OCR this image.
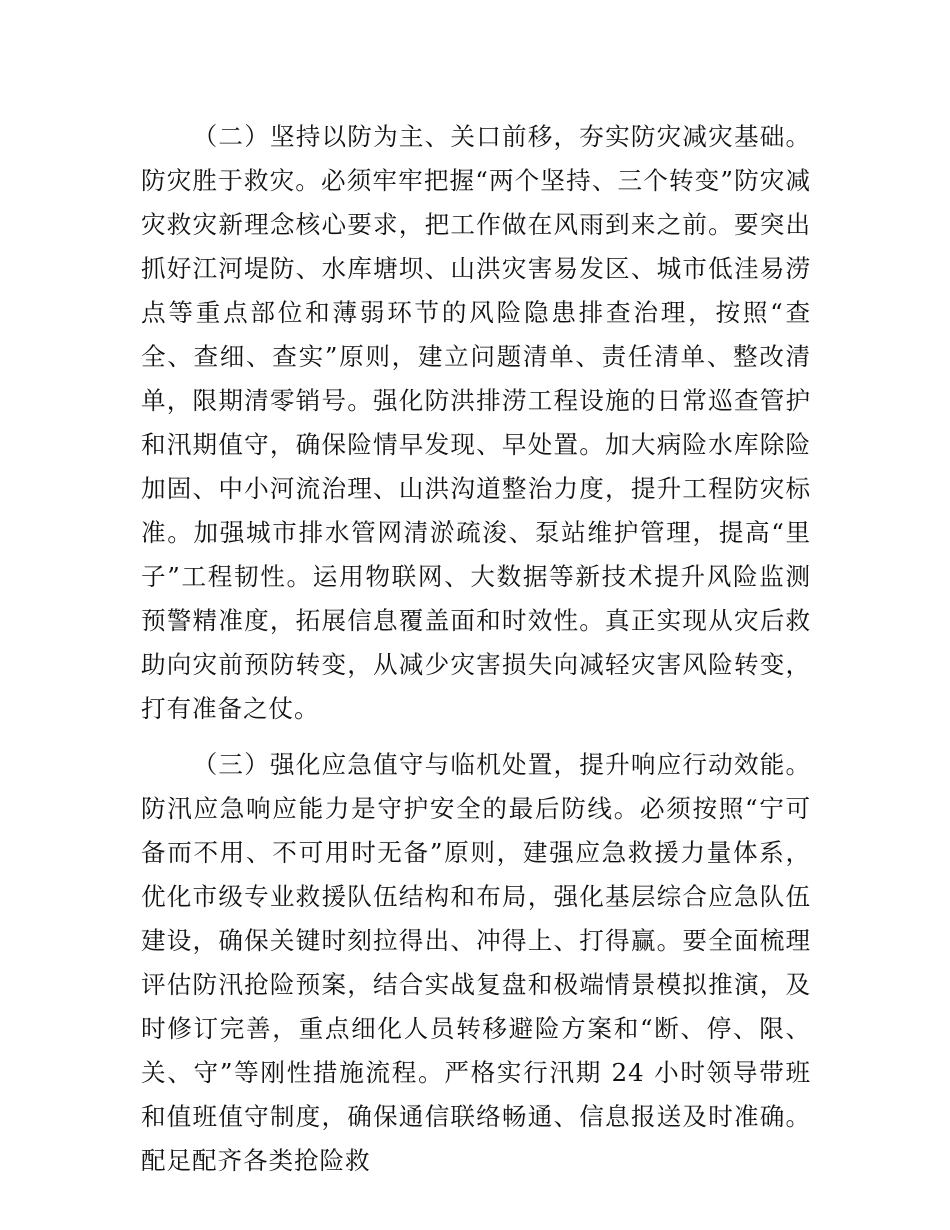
（二）坚持以防为主、关口前移，夯实防灾减灾基础。防灾胜于救灾。必须牢牢把握“两个坚持、三个转变”防灾减灾救灾新理念核心要求，把工作做在风雨到来之前。要突出抓好江河堤防、水库塘坝、山洪灾害易发区、城市低洼易涝点等重点部位和薄弱环节的风险隐患排查治理，按照“查全、查细、查实”原则，建立问题清单、责任清单、整改清单，限期清零销号。强化防洪排涝工程设施的日常巡查管护和汛期值守，确保险情早发现、早处置。加大病险水库除险加固、中小河流治理、山洪沟道整治力度，提升工程防灾标准。加强城市排水管网清淤疏浚、泵站维护管理，提高“里子”工程韧性。运用物联网、大数据等新技术提升风险监测预警精准度，拓展信息覆盖面和时效性。真正实现从灾后救助向灾前预防转变，从减少灾害损失向减轻灾害风险转变，打有准备之仗。

（三）强化应急值守与临机处置，提升响应行动效能。防汛应急响应能力是守护安全的最后防线。必须按照“宁可备而不用、不可用时无备”原则，建强应急救援力量体系，优化市级专业救援队伍结构和布局，强化基层综合应急队伍建设，确保关键时刻拉得出、冲得上、打得赢。要全面梳理评估防汛抢险预案，结合实战复盘和极端情景模拟推演，及时修订完善，重点细化人员转移避险方案和“断、停、限、关、守”等刚性措施流程。严格实行汛期 24 小时领导带班和值班值守制度，确保通信联络畅通、信息报送及时准确。配足配齐各类抢险救
